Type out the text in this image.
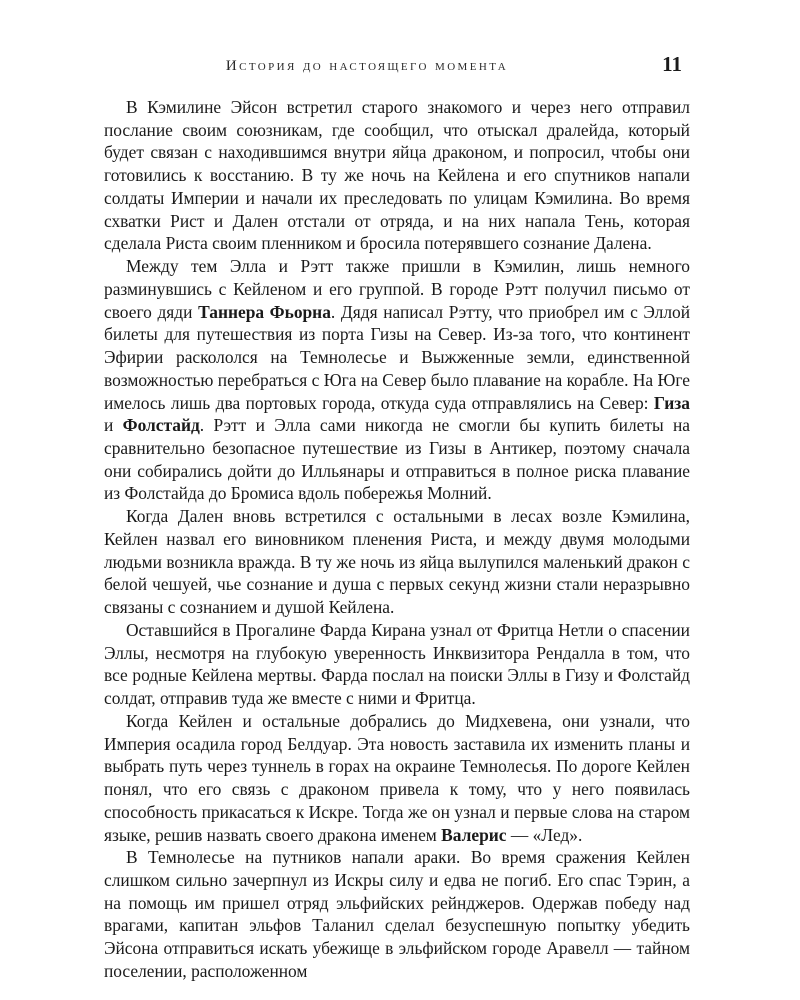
История до настоящего момента	11

В Кэмилине Эйсон встретил старого знакомого и через него отправил послание своим союзникам, где сообщил, что отыскал дралейда, который будет связан с находившимся внутри яйца драконом, и попросил, чтобы они готовились к восстанию. В ту же ночь на Кейлена и его спутников напали солдаты Империи и начали их преследовать по улицам Кэмилина. Во время схватки Рист и Дален отстали от отряда, и на них напала Тень, которая сделала Риста своим пленником и бросила потерявшего сознание Далена.

Между тем Элла и Рэтт также пришли в Кэмилин, лишь немного разминувшись с Кейленом и его группой. В городе Рэтт получил письмо от своего дяди Таннера Фьорна. Дядя написал Рэтту, что приобрел им с Эллой билеты для путешествия из порта Гизы на Север. Из-за того, что континент Эфирии раскололся на Темнолесье и Выжженные земли, единственной возможностью перебраться с Юга на Север было плавание на корабле. На Юге имелось лишь два портовых города, откуда суда отправлялись на Север: Гиза и Фолстайд. Рэтт и Элла сами никогда не смогли бы купить билеты на сравнительно безопасное путешествие из Гизы в Антикер, поэтому сначала они собирались дойти до Илльянары и отправиться в полное риска плавание из Фолстайда до Бромиса вдоль побережья Молний.

Когда Дален вновь встретился с остальными в лесах возле Кэмилина, Кейлен назвал его виновником пленения Риста, и между двумя молодыми людьми возникла вражда. В ту же ночь из яйца вылупился маленький дракон с белой чешуей, чье сознание и душа с первых секунд жизни стали неразрывно связаны с сознанием и душой Кейлена.

Оставшийся в Прогалине Фарда Кирана узнал от Фритца Нетли о спасении Эллы, несмотря на глубокую уверенность Инквизитора Рендалла в том, что все родные Кейлена мертвы. Фарда послал на поиски Эллы в Гизу и Фолстайд солдат, отправив туда же вместе с ними и Фритца.

Когда Кейлен и остальные добрались до Мидхевена, они узнали, что Империя осадила город Белдуар. Эта новость заставила их изменить планы и выбрать путь через туннель в горах на окраине Темнолесья. По дороге Кейлен понял, что его связь с драконом привела к тому, что у него появилась способность прикасаться к Искре. Тогда же он узнал и первые слова на старом языке, решив назвать своего дракона именем Валерис — «Лед».

В Темнолесье на путников напали араки. Во время сражения Кейлен слишком сильно зачерпнул из Искры силу и едва не погиб. Его спас Тэрин, а на помощь им пришел отряд эльфийских рейнджеров. Одержав победу над врагами, капитан эльфов Таланил сделал безуспешную попытку убедить Эйсона отправиться искать убежище в эльфийском городе Аравелл — тайном поселении, расположенном
